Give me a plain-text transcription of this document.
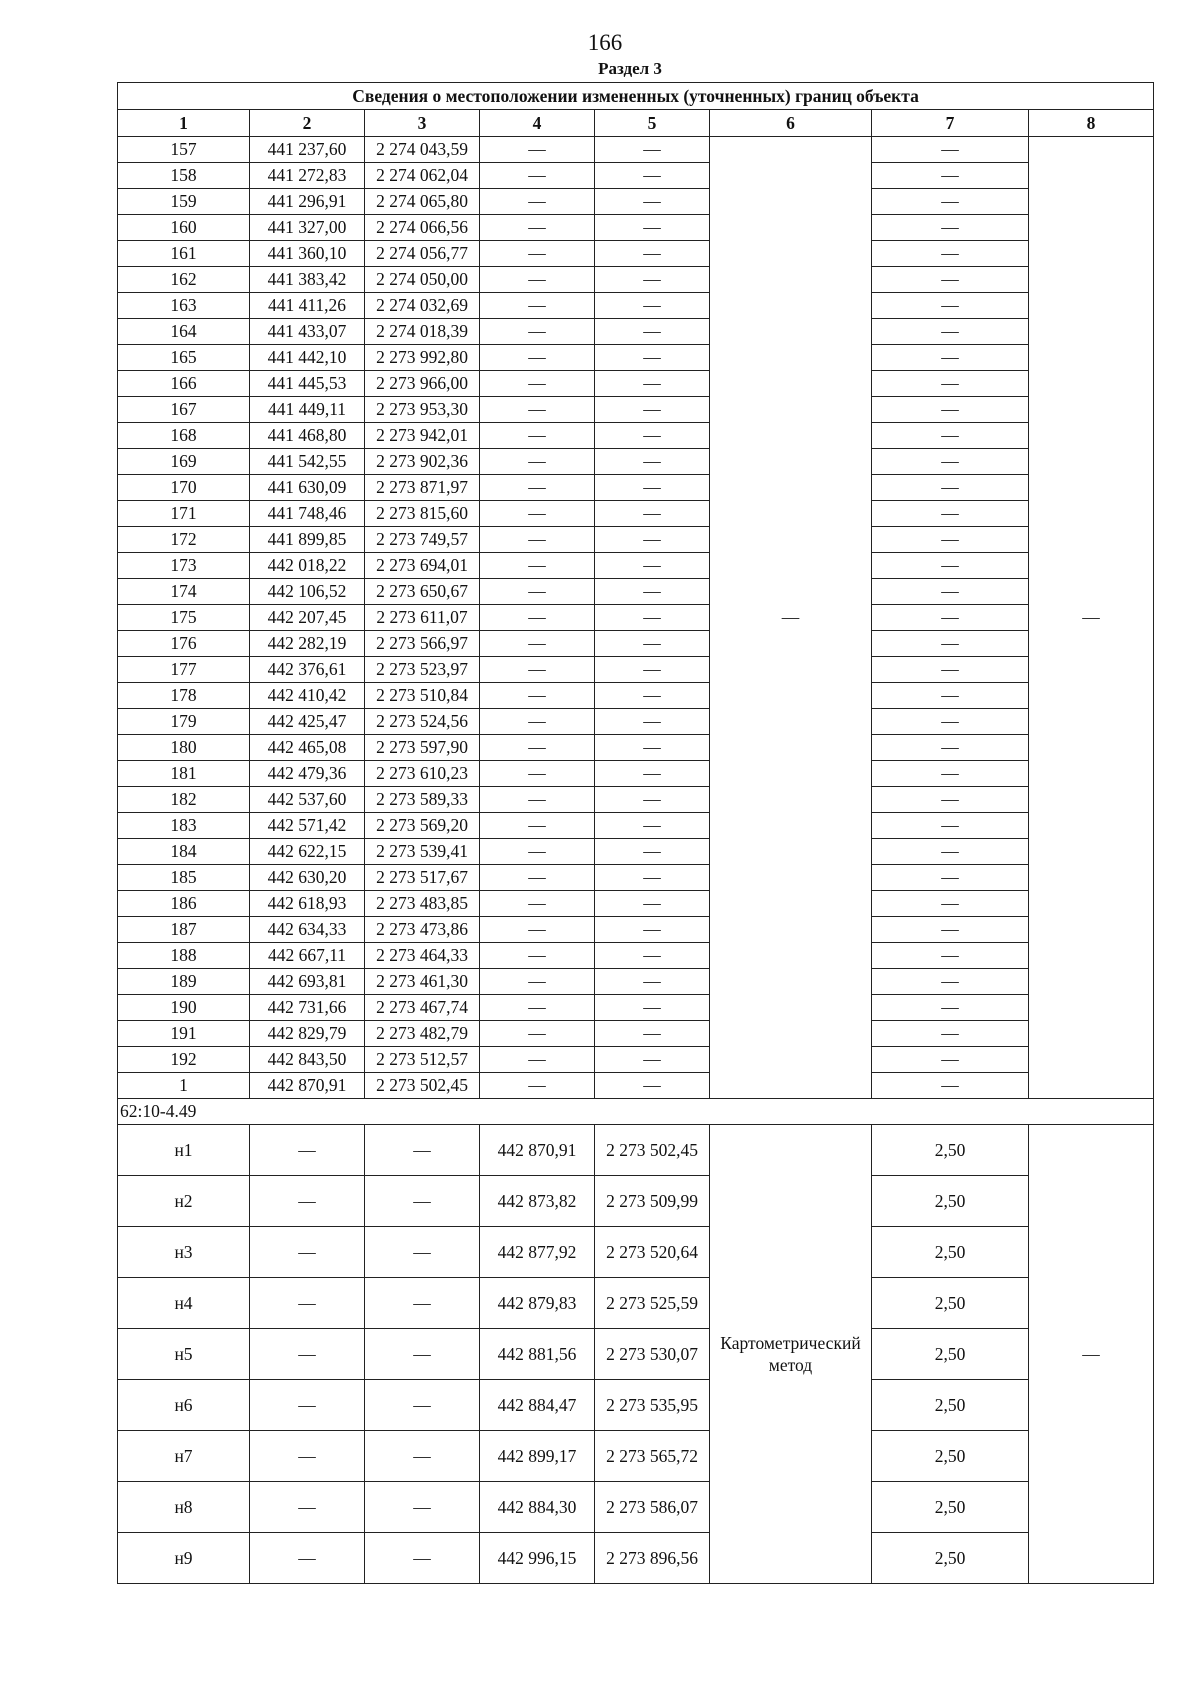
166
Раздел 3
Сведения о местоположении измененных (уточненных) границ объекта							
1	2	3	4	5	6	7	8
157	441 237,60	2 274 043,59	—	—	—	—	—
158	441 272,83	2 274 062,04	—	—		—	
159	441 296,91	2 274 065,80	—	—		—	
160	441 327,00	2 274 066,56	—	—		—	
161	441 360,10	2 274 056,77	—	—		—	
162	441 383,42	2 274 050,00	—	—		—	
163	441 411,26	2 274 032,69	—	—		—	
164	441 433,07	2 274 018,39	—	—		—	
165	441 442,10	2 273 992,80	—	—		—	
166	441 445,53	2 273 966,00	—	—		—	
167	441 449,11	2 273 953,30	—	—		—	
168	441 468,80	2 273 942,01	—	—		—	
169	441 542,55	2 273 902,36	—	—		—	
170	441 630,09	2 273 871,97	—	—		—	
171	441 748,46	2 273 815,60	—	—		—	
172	441 899,85	2 273 749,57	—	—		—	
173	442 018,22	2 273 694,01	—	—		—	
174	442 106,52	2 273 650,67	—	—		—	
175	442 207,45	2 273 611,07	—	—		—	
176	442 282,19	2 273 566,97	—	—		—	
177	442 376,61	2 273 523,97	—	—		—	
178	442 410,42	2 273 510,84	—	—		—	
179	442 425,47	2 273 524,56	—	—		—	
180	442 465,08	2 273 597,90	—	—		—	
181	442 479,36	2 273 610,23	—	—		—	
182	442 537,60	2 273 589,33	—	—		—	
183	442 571,42	2 273 569,20	—	—		—	
184	442 622,15	2 273 539,41	—	—		—	
185	442 630,20	2 273 517,67	—	—		—	
186	442 618,93	2 273 483,85	—	—		—	
187	442 634,33	2 273 473,86	—	—		—	
188	442 667,11	2 273 464,33	—	—		—	
189	442 693,81	2 273 461,30	—	—		—	
190	442 731,66	2 273 467,74	—	—		—	
191	442 829,79	2 273 482,79	—	—		—	
192	442 843,50	2 273 512,57	—	—		—	
1	442 870,91	2 273 502,45	—	—		—	
62:10-4.49							
н1	—	—	442 870,91	2 273 502,45	Картометрический метод	2,50	—
н2	—	—	442 873,82	2 273 509,99		2,50	
н3	—	—	442 877,92	2 273 520,64		2,50	
н4	—	—	442 879,83	2 273 525,59		2,50	
н5	—	—	442 881,56	2 273 530,07		2,50	
н6	—	—	442 884,47	2 273 535,95		2,50	
н7	—	—	442 899,17	2 273 565,72		2,50	
н8	—	—	442 884,30	2 273 586,07		2,50	
н9	—	—	442 996,15	2 273 896,56		2,50	
